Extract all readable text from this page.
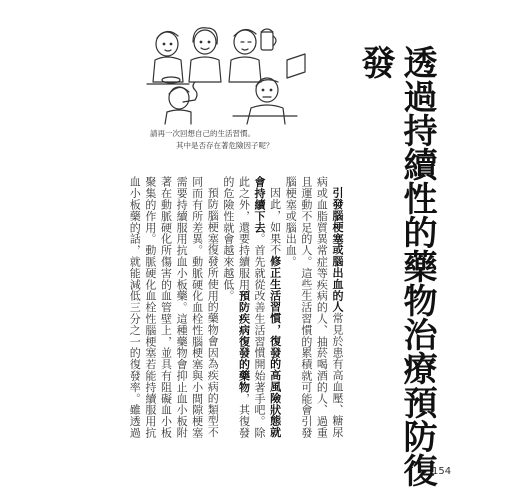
請再一次回想自己的生活習慣。

其中是否存在著危險因子呢？	透過持續性的藥物治療預防復發

引發腦梗塞或腦出血的人常見於患有高血壓、糖尿病或血脂質異常症等疾病的人、抽菸喝酒的人、過重且運動不足的人。這些生活習慣的累積就可能會引發腦梗塞或腦出血。

因此，如果不修正生活習慣，復發的高風險狀態就會持續下去。首先就從改善生活習慣開始著手吧。除此之外，還要持續服用預防疾病復發的藥物，其復發的危險性就會越來越低。

預防腦梗塞復發所使用的藥物會因為疾病的類型不同而有所差異。動脈硬化血栓性腦梗塞與小間隙梗塞需要持續服用抗血小板藥。這種藥物會抑止血小板附著在動脈硬化所傷害的血管壁上，並具有阻礙血小板聚集的作用。動脈硬化血栓性腦梗塞若能持續服用抗血小板藥的話，就能減低三分之一的復發率。雖透過

154
